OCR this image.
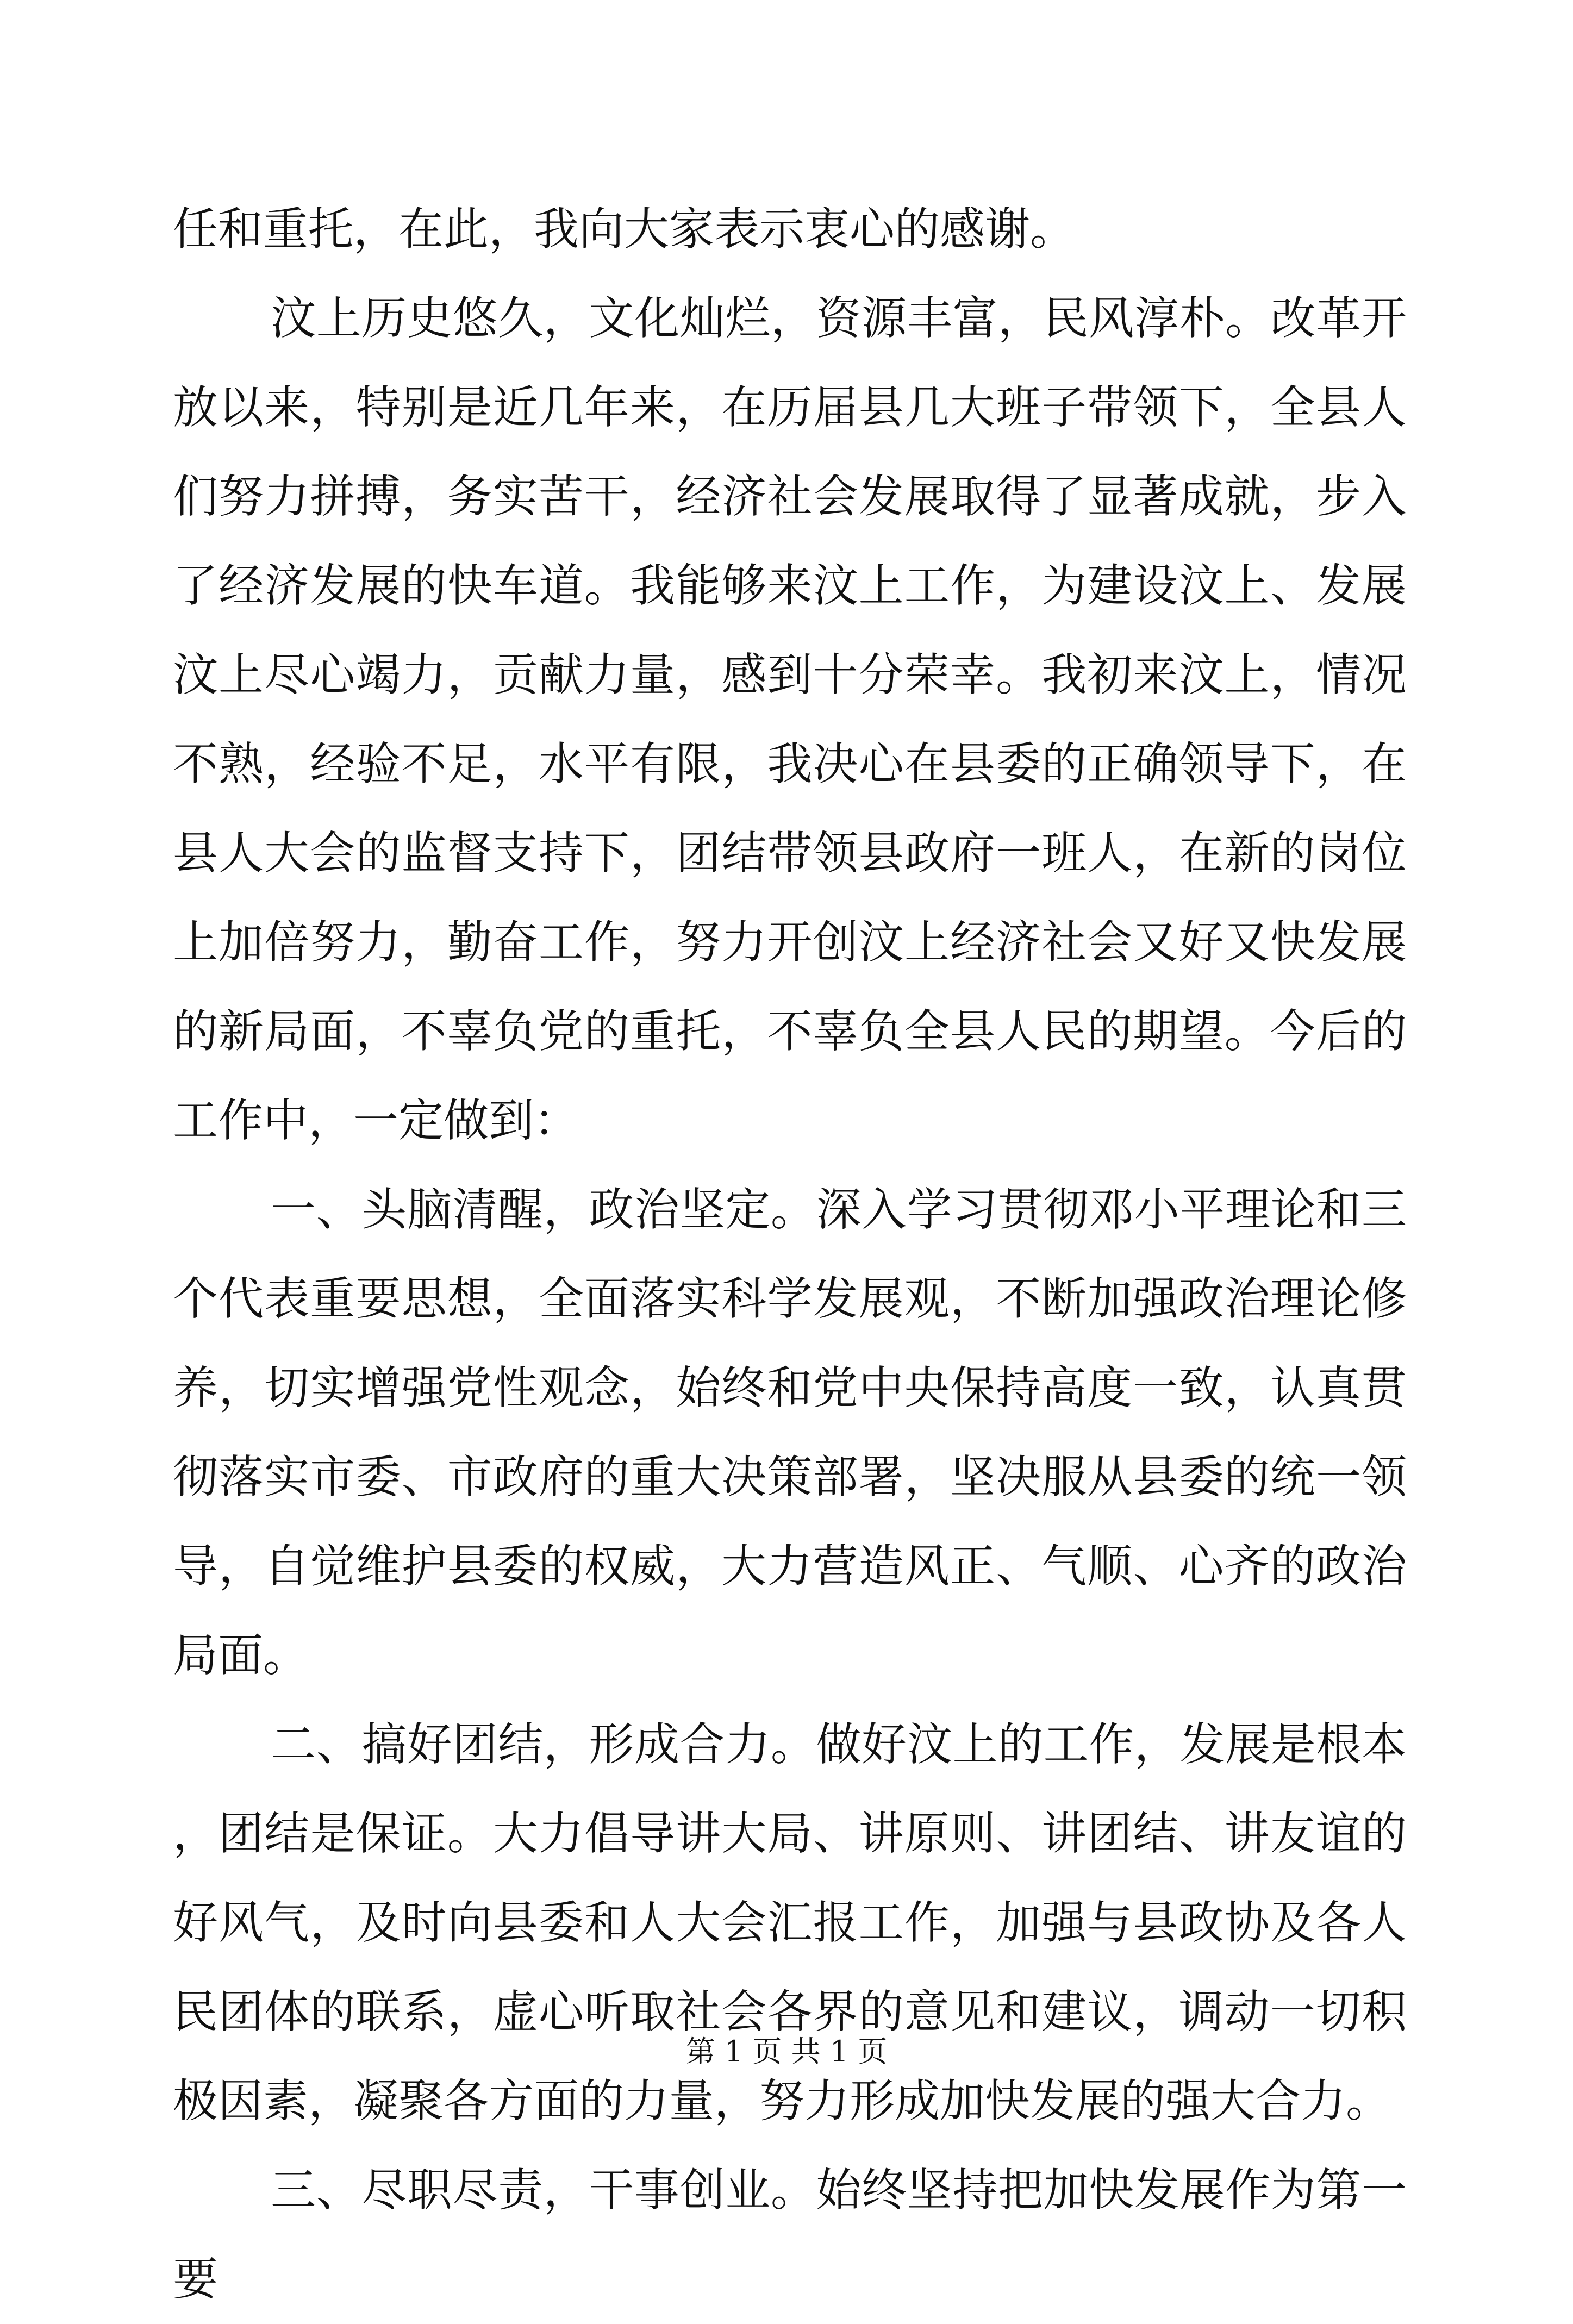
任和重托，在此，我向大家表示衷心的感谢。

汶上历史悠久，文化灿烂，资源丰富，民风淳朴。改革开放以来，特别是近几年来，在历届县几大班子带领下，全县人们努力拼搏，务实苦干，经济社会发展取得了显著成就，步入了经济发展的快车道。我能够来汶上工作，为建设汶上、发展汶上尽心竭力，贡献力量，感到十分荣幸。我初来汶上，情况不熟，经验不足，水平有限，我决心在县委的正确领导下，在县人大会的监督支持下，团结带领县政府一班人，在新的岗位上加倍努力，勤奋工作，努力开创汶上经济社会又好又快发展的新局面，不辜负党的重托，不辜负全县人民的期望。今后的工作中，一定做到：

一、头脑清醒，政治坚定。深入学习贯彻邓小平理论和三个代表重要思想，全面落实科学发展观，不断加强政治理论修养，切实增强党性观念，始终和党中央保持高度一致，认真贯彻落实市委、市政府的重大决策部署，坚决服从县委的统一领导，自觉维护县委的权威，大力营造风正、气顺、心齐的政治局面。

二、搞好团结，形成合力。做好汶上的工作，发展是根本，团结是保证。大力倡导讲大局、讲原则、讲团结、讲友谊的好风气，及时向县委和人大会汇报工作，加强与县政协及各人民团体的联系，虚心听取社会各界的意见和建议，调动一切积极因素，凝聚各方面的力量，努力形成加快发展的强大合力。

三、尽职尽责，干事创业。始终坚持把加快发展作为第一要

第 1 页 共 1 页
